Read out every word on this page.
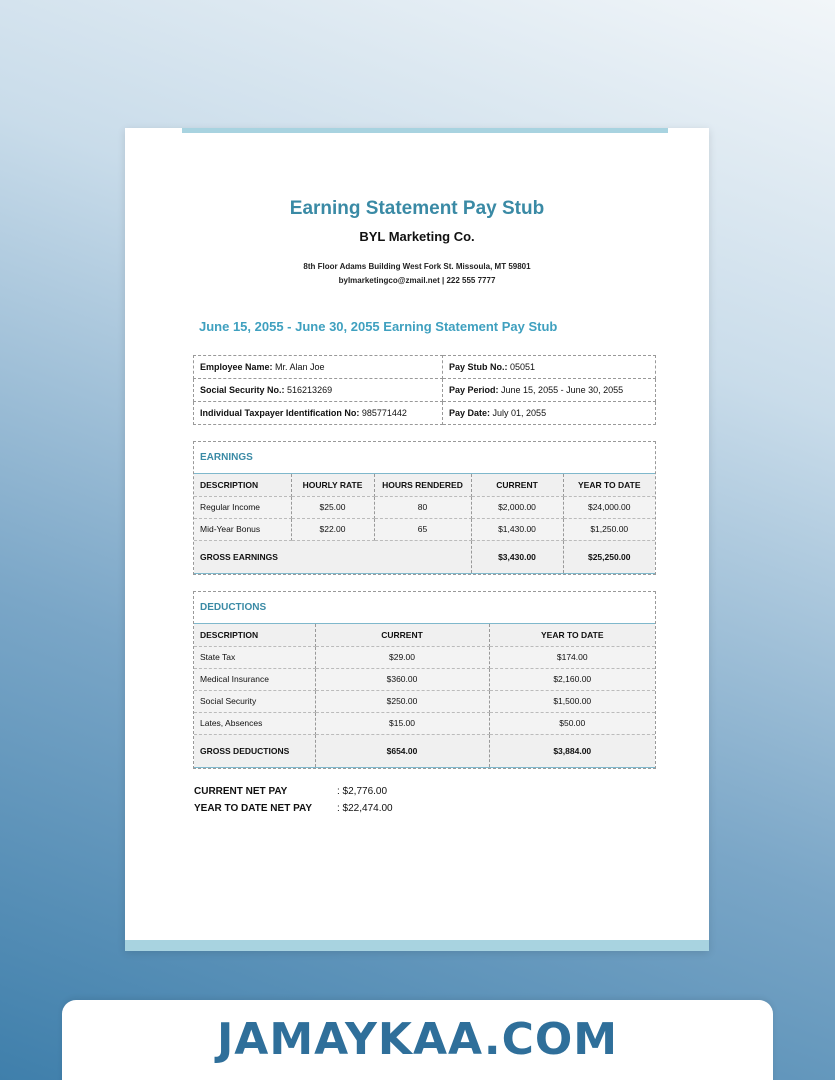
Earning Statement Pay Stub
BYL Marketing Co.
8th Floor Adams Building West Fork St. Missoula, MT 59801
bylmarketingco@zmail.net | 222 555 7777
June 15, 2055 - June 30, 2055 Earning Statement Pay Stub
Employee Name: Mr. Alan Joe	Pay Stub No.: 05051
Social Security No.: 516213269	Pay Period: June 15, 2055 - June 30, 2055
Individual Taxpayer Identification No: 985771442	Pay Date: July 01, 2055
EARNINGS
DESCRIPTION	HOURLY RATE	HOURS RENDERED	CURRENT	YEAR TO DATE
Regular Income	$25.00	80	$2,000.00	$24,000.00
Mid-Year Bonus	$22.00	65	$1,430.00	$1,250.00
GROSS EARNINGS			$3,430.00	$25,250.00
DEDUCTIONS
DESCRIPTION	CURRENT	YEAR TO DATE
State Tax	$29.00	$174.00
Medical Insurance	$360.00	$2,160.00
Social Security	$250.00	$1,500.00
Lates, Absences	$15.00	$50.00
GROSS DEDUCTIONS	$654.00	$3,884.00
CURRENT NET PAY	: $2,776.00
YEAR TO DATE NET PAY	: $22,474.00
JAMAYKAA.COM
